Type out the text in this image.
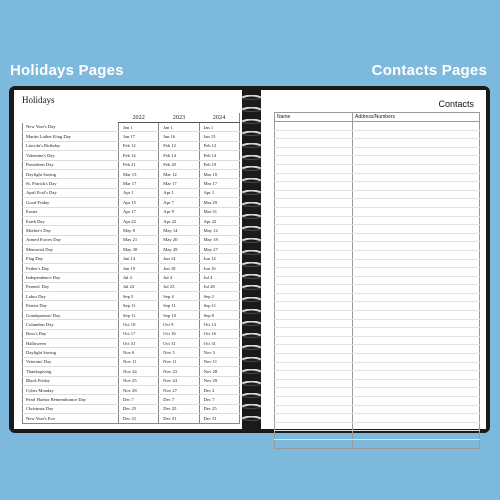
Holidays Pages	Contacts Pages
Holidays
	2022	2023	2024
New Year's Day	Jan 1	Jan 1	Jan 1
Martin Luther King Day	Jan 17	Jan 16	Jan 15
Lincoln's Birthday	Feb 12	Feb 12	Feb 12
Valentine's Day	Feb 14	Feb 14	Feb 14
Presidents Day	Feb 21	Feb 20	Feb 19
Daylight Saving	Mar 13	Mar 12	Mar 10
St. Patrick's Day	Mar 17	Mar 17	Mar 17
April Fool's Day	Apr 1	Apr 1	Apr 1
Good Friday	Apr 15	Apr 7	Mar 29
Easter	Apr 17	Apr 9	Mar 31
Earth Day	Apr 22	Apr 22	Apr 22
Mother's Day	May 8	May 14	May 12
Armed Forces Day	May 21	May 20	May 18
Memorial Day	May 30	May 29	May 27
Flag Day	Jun 14	Jun 14	Jun 14
Father's Day	Jun 19	Jun 18	Jun 16
Independence Day	Jul 4	Jul 4	Jul 4
Parents' Day	Jul 24	Jul 23	Jul 28
Labor Day	Sep 5	Sep 4	Sep 2
Patriot Day	Sep 11	Sep 11	Sep 11
Grandparents' Day	Sep 11	Sep 10	Sep 8
Columbus Day	Oct 10	Oct 9	Oct 14
Boss's Day	Oct 17	Oct 16	Oct 16
Halloween	Oct 31	Oct 31	Oct 31
Daylight Saving	Nov 6	Nov 5	Nov 3
Veterans' Day	Nov 11	Nov 11	Nov 11
Thanksgiving	Nov 24	Nov 23	Nov 28
Black Friday	Nov 25	Nov 24	Nov 29
Cyber Monday	Nov 28	Nov 27	Dec 2
Pearl Harbor Remembrance Day	Dec 7	Dec 7	Dec 7
Christmas Day	Dec 25	Dec 25	Dec 25
New Year's Eve	Dec 31	Dec 31	Dec 31
Contacts
Name	Address/Numbers
